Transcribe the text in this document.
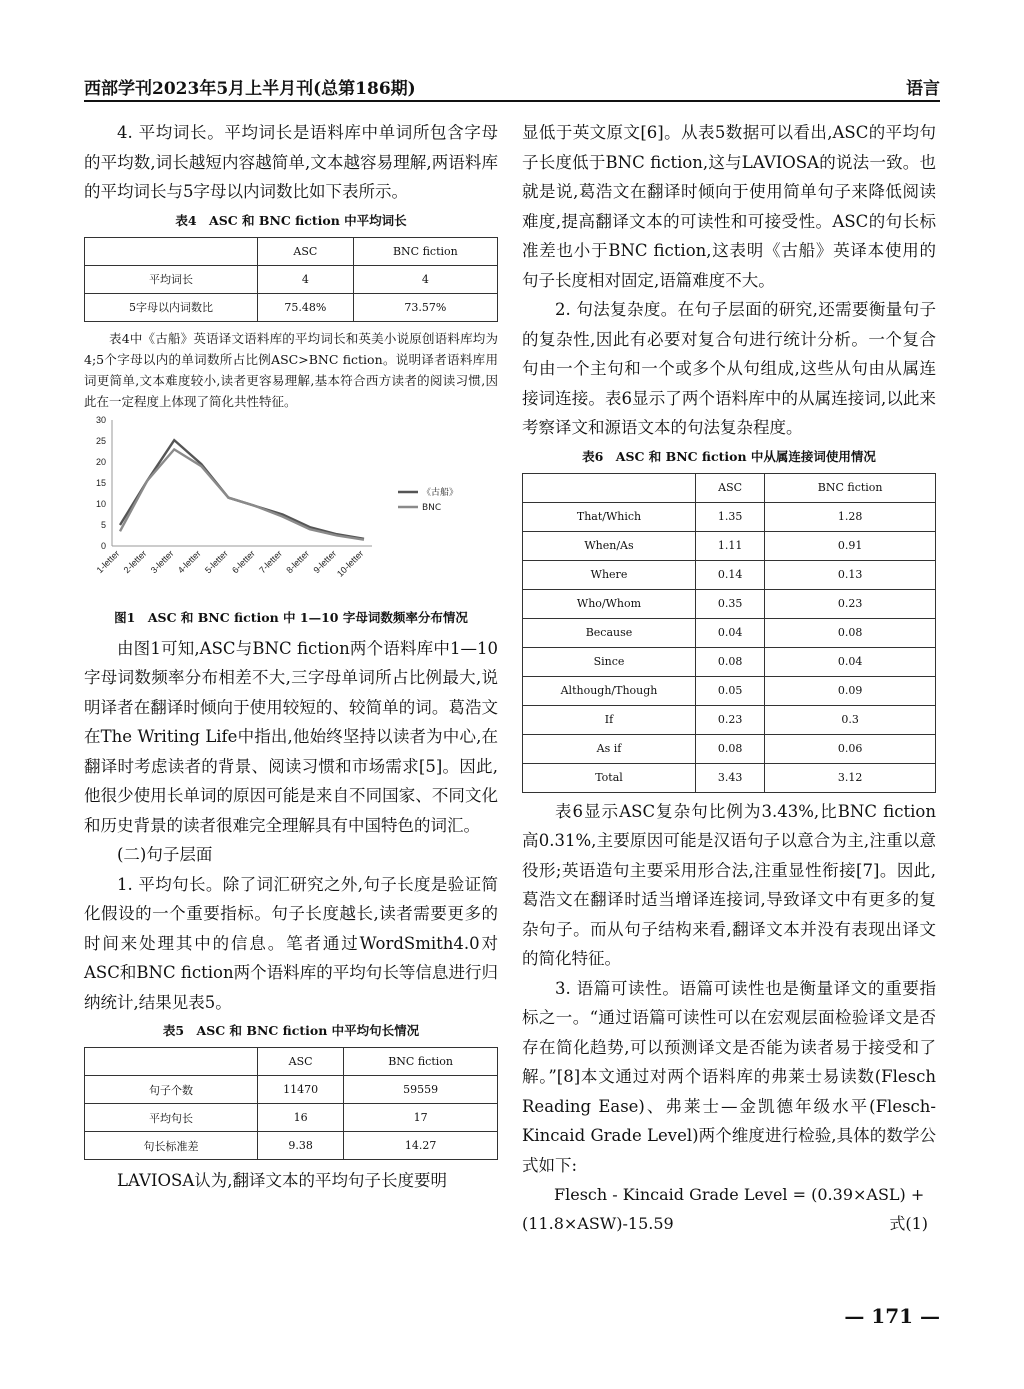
西部学刊2023年5月上半月刊(总第186期)	语言

4. 平均词长。平均词长是语料库中单词所包含字母的平均数,词长越短内容越简单,文本越容易理解,两语料库的平均词长与5字母以内词数比如下表所示。

表4　ASC 和 BNC fiction 中平均词长
	ASC	BNC fiction
平均词长	4	4
5字母以内词数比	75.48%	73.57%

表4中《古船》英语译文语料库的平均词长和英美小说原创语料库均为4;5个字母以内的单词数所占比例ASC>BNC fiction。说明译者语料库用词更简单,文本难度较小,读者更容易理解,基本符合西方读者的阅读习惯,因此在一定程度上体现了简化共性特征。

0
5
10
15
20
25
30
1-letter 2-letter 3-letter 4-letter 5-letter 6-letter 7-letter 8-letter 9-letter
10-letter
《古船》
BNC
图1　ASC 和 BNC fiction 中 1—10 字母词数频率分布情况

由图1可知,ASC与BNC fiction两个语料库中1—10字母词数频率分布相差不大,三字母单词所占比例最大,说明译者在翻译时倾向于使用较短的、较简单的词。葛浩文在The Writing Life中指出,他始终坚持以读者为中心,在翻译时考虑读者的背景、阅读习惯和市场需求[5]。因此,他很少使用长单词的原因可能是来自不同国家、不同文化和历史背景的读者很难完全理解具有中国特色的词汇。

(二)句子层面

1. 平均句长。除了词汇研究之外,句子长度是验证简化假设的一个重要指标。句子长度越长,读者需要更多的时间来处理其中的信息。笔者通过WordSmith4.0对ASC和BNC fiction两个语料库的平均句长等信息进行归纳统计,结果见表5。

表5　ASC 和 BNC fiction 中平均句长情况
	ASC	BNC fiction
句子个数	11470	59559
平均句长	16	17
句长标准差	9.38	14.27

LAVIOSA认为,翻译文本的平均句子长度要明

显低于英文原文[6]。从表5数据可以看出,ASC的平均句子长度低于BNC fiction,这与LAVIOSA的说法一致。也就是说,葛浩文在翻译时倾向于使用简单句子来降低阅读难度,提高翻译文本的可读性和可接受性。ASC的句长标准差也小于BNC fiction,这表明《古船》英译本使用的句子长度相对固定,语篇难度不大。

2. 句法复杂度。在句子层面的研究,还需要衡量句子的复杂性,因此有必要对复合句进行统计分析。一个复合句由一个主句和一个或多个从句组成,这些从句由从属连接词连接。表6显示了两个语料库中的从属连接词,以此来考察译文和源语文本的句法复杂程度。

表6　ASC 和 BNC fiction 中从属连接词使用情况
	ASC	BNC fiction
That/Which	1.35	1.28
When/As	1.11	0.91
Where	0.14	0.13
Who/Whom	0.35	0.23
Because	0.04	0.08
Since	0.08	0.04
Although/Though	0.05	0.09
If	0.23	0.3
As if	0.08	0.06
Total	3.43	3.12

表6显示ASC复杂句比例为3.43%,比BNC fiction高0.31%,主要原因可能是汉语句子以意合为主,注重以意役形;英语造句主要采用形合法,注重显性衔接[7]。因此,葛浩文在翻译时适当增译连接词,导致译文中有更多的复杂句子。而从句子结构来看,翻译文本并没有表现出译文的简化特征。

3. 语篇可读性。语篇可读性也是衡量译文的重要指标之一。“通过语篇可读性可以在宏观层面检验译文是否存在简化趋势,可以预测译文是否能为读者易于接受和了解。”[8]本文通过对两个语料库的弗莱士易读数(Flesch Reading Ease)、弗莱士—金凯德年级水平(Flesch-Kincaid Grade Level)两个维度进行检验,具体的数学公式如下:

Flesch - Kincaid Grade Level = (0.39×ASL) +

(11.8×ASW)-15.59	式(1)

— 171 —
